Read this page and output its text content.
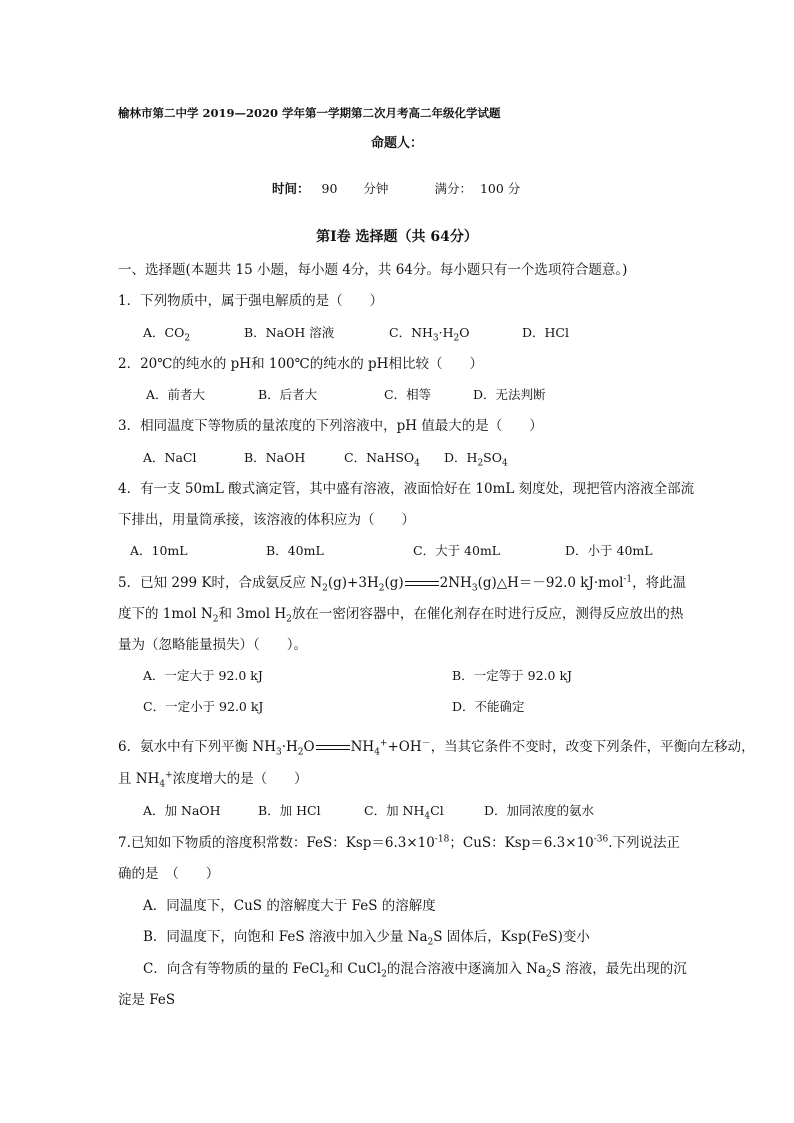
榆林市第二中学 2019—2020 学年第一学期第二次月考高二年级化学试题
命题人：
时间： 90 分钟	满分： 100 分
第Ⅰ卷 选择题（共 64分）
一、选择题(本题共 15 小题，每小题 4分，共 64分。每小题只有一个选项符合题意。)
1．下列物质中，属于强电解质的是（　　）
A．$CO_2$	B．NaOH 溶液	C．$NH_3\cdot H_2O$	D．HCl
2．20℃的纯水的 pH和 100℃的纯水的 pH相比较（　　）
A．前者大	B．后者大	C．相等	D．无法判断
3．相同温度下等物质的量浓度的下列溶液中，pH 值最大的是（　　）
A．NaCl	B．NaOH	C．NaHSO$_4$ D．$H_2SO_4$
4．有一支 50mL 酸式滴定管，其中盛有溶液，液面恰好在 10mL 刻度处，现把管内溶液全部流
下排出，用量筒承接，该溶液的体积应为（　　）
A．10mL	B．40mL	C．大于 40mL	D．小于 40mL
5．已知 299 K时，合成氨反应 $N_2(g)+3H_2(g)$	$2NH_3(g)\triangle H=-92.0$ kJ·mol$^{-1}$，将此温
度下的 1mol $N_2$和 3mol $H_2$放在一密闭容器中，在催化剂存在时进行反应，测得反应放出的热
量为（忽略能量损失）（　　）。
A．一定大于 92.0 kJ	B．一定等于 92.0 kJ
C．一定小于 92.0 kJ	D．不能确定
6．氨水中有下列平衡 $NH_3\cdot H_2O$	$NH_4^++OH^-$，当其它条件不变时，改变下列条件，平衡向左移动，
且 $NH_4^+$浓度增大的是（　　）
A．加 NaOH	B．加 HCl	C．加 $NH_4Cl$	D．加同浓度的氨水
7.已知如下物质的溶度积常数：FeS：$Ksp=6.3\times 10^{-18}$；CuS：$Ksp=6.3\times 10^{-36}$.下列说法正
确的是　（　　）
A．同温度下，CuS 的溶解度大于 FeS 的溶解度
B．同温度下，向饱和 FeS 溶液中加入少量 $Na_2S$ 固体后，Ksp(FeS)变小
C．向含有等物质的量的 FeCl$_2$和 CuCl$_2$的混合溶液中逐滴加入 $Na_2S$ 溶液，最先出现的沉
淀是 FeS
